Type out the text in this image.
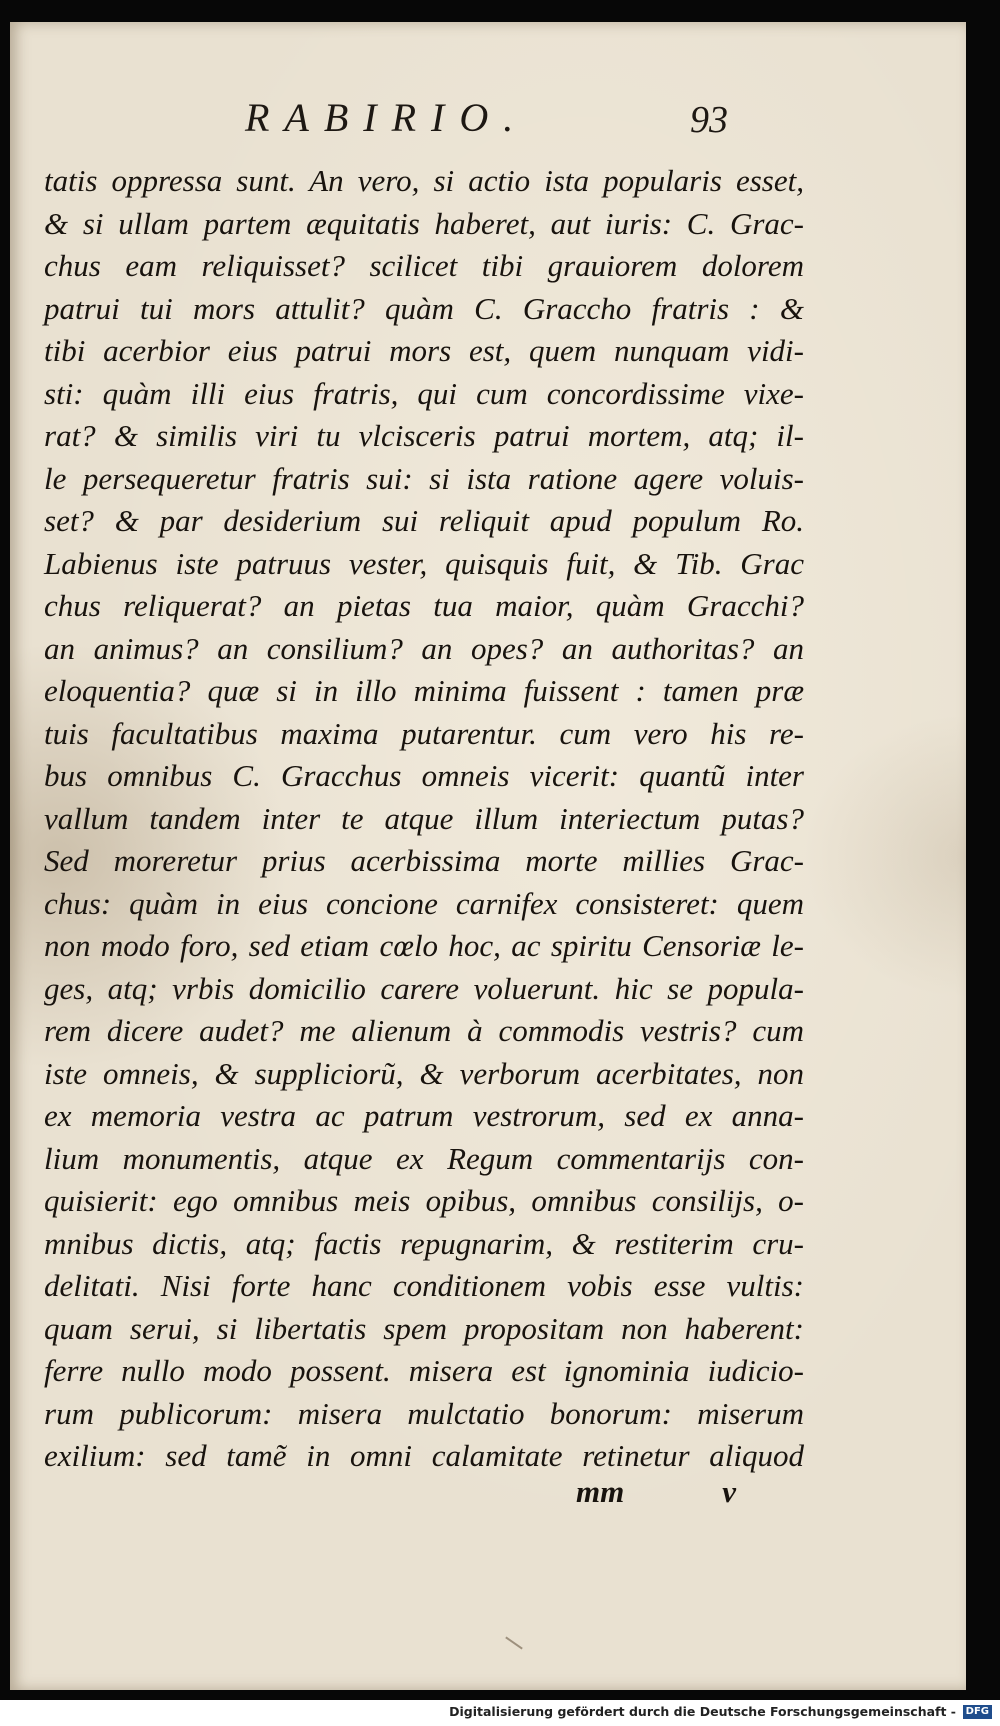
RABIRIO.	93
tatis oppressa sunt. An vero, si actio ista popularis esset,
& si ullam partem æquitatis haberet, aut iuris: C. Grac-
chus eam reliquisset? scilicet tibi grauiorem dolorem
patrui tui mors attulit? quàm C. Graccho fratris : &
tibi acerbior eius patrui mors est, quem nunquam vidi-
sti: quàm illi eius fratris, qui cum concordissime vixe-
rat? & similis viri tu vlcisceris patrui mortem, atq; il-
le persequeretur fratris sui: si ista ratione agere voluis-
set? & par desiderium sui reliquit apud populum Ro.
Labienus iste patruus vester, quisquis fuit, & Tib. Grac
chus reliquerat? an pietas tua maior, quàm Gracchi?
an animus? an consilium? an opes? an authoritas? an
eloquentia? quæ si in illo minima fuissent : tamen præ
tuis facultatibus maxima putarentur. cum vero his re-
bus omnibus C. Gracchus omneis vicerit: quantũ inter
vallum tandem inter te atque illum interiectum putas?
Sed moreretur prius acerbissima morte millies Grac-
chus: quàm in eius concione carnifex consisteret: quem
non modo foro, sed etiam cœlo hoc, ac spiritu Censoriæ le-
ges, atq; vrbis domicilio carere voluerunt. hic se popula-
rem dicere audet? me alienum à commodis vestris? cum
iste omneis, & suppliciorũ, & verborum acerbitates, non
ex memoria vestra ac patrum vestrorum, sed ex anna-
lium monumentis, atque ex Regum commentarijs con-
quisierit: ego omnibus meis opibus, omnibus consilijs, o-
mnibus dictis, atq; factis repugnarim, & restiterim cru-
delitati. Nisi forte hanc conditionem vobis esse vultis:
quam serui, si libertatis spem propositam non haberent:
ferre nullo modo possent. misera est ignominia iudicio-
rum publicorum: misera mulctatio bonorum: miserum
exilium: sed tamẽ in omni calamitate retinetur aliquod
mm	v
Digitalisierung gefördert durch die Deutsche Forschungsgemeinschaft - DFG
